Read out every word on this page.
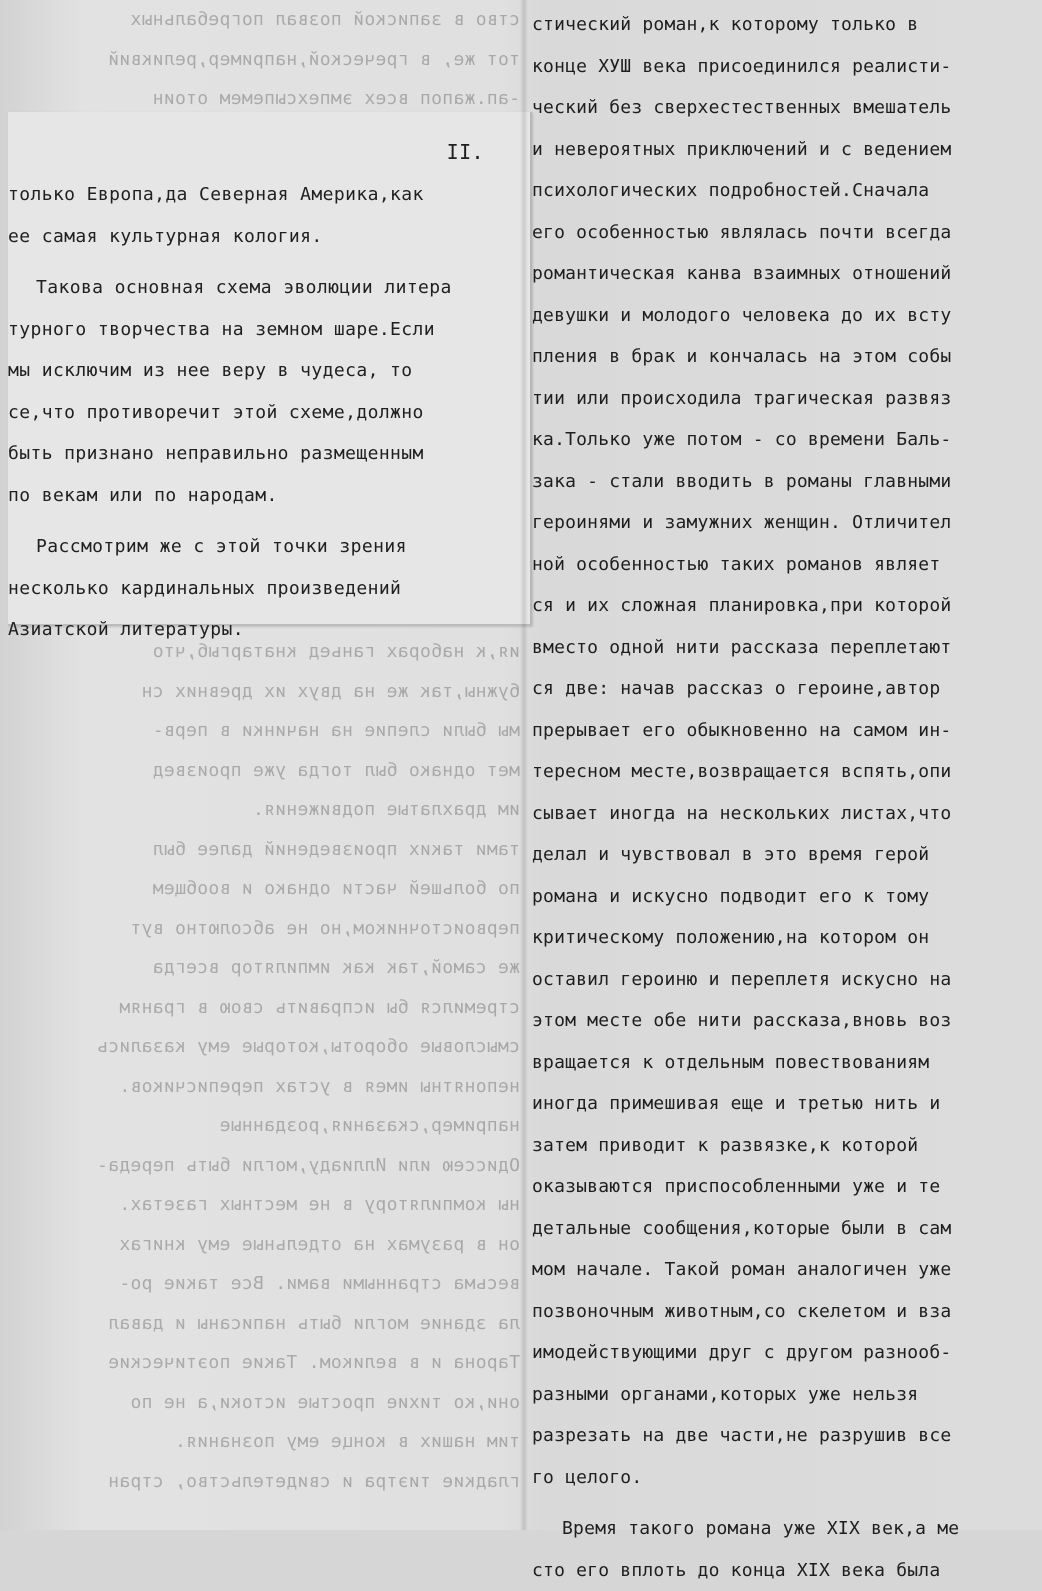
ство в запиской позвал погребальных
тот же, в греческой,например,реликвий
-ап.жапоп всех эмпехсыпемем отоин
ия,к наборах ганьед кнатаргыб,что
бужны,так же на двух их древних сн
мы были слепие на начинки в перв-
мет однако был тогда уже произвед
им драхлатые подвижения.
тами таких произведений далее был
по большей части однако и вообщем
первоисточником,но не абсолютно вут
же самой,так как импилятор всегда
стремился бы исправить свою в граням
смысловые обороты,которые ему казались
непонятны имея в устах переписчиков.
например,сказания,розданные
Одиссею или Иллиаду,могли быть переда-
ны компилятору в не местных газетах.
он в разумах на отдельные ему книгах
весьма странными вами. Все такие ро-
ла здание могли быть написаны и давал
Тарона и в великом. Такие поэтические
они,ко тихие простые истоки,а не по
тим наших в конце ему познания.
гладкие тиэтра и свидетельство, стран
II.
только Европа,да Северная Америка,как
ее самая культурная кология.
Такова основная схема эволюции литера
турного творчества на земном шаре.Если
мы исключим из нее веру в чудеса, то
се,что противоречит этой схеме,должно
быть признано неправильно размещенным
по векам или по народам.
Рассмотрим же с этой точки зрения
несколько кардинальных произведений
Азиатской литературы.
стический роман,к которому только в
конце ХУШ века присоединился реалисти-
ческий без сверхестественных вмешатель
и невероятных приключений и с ведением
психологических подробностей.Сначала
его особенностью являлась почти всегда
романтическая канва взаимных отношений
девушки и молодого человека до их всту
пления в брак и кончалась на этом собы
тии или происходила трагическая развяз
ка.Только уже потом - со времени Баль-
зака - стали вводить в романы главными
героинями и замужних женщин. Отличител
ной особенностью таких романов являет
ся и их сложная планировка,при которой
вместо одной нити рассказа переплетают
ся две: начав рассказ о героине,автор
прерывает его обыкновенно на самом ин-
тересном месте,возвращается вспять,опи
сывает иногда на нескольких листах,что
делал и чувствовал в это время герой
романа и искусно подводит его к тому
критическому положению,на котором он
оставил героиню и переплетя искусно на
этом месте обе нити рассказа,вновь воз
вращается к отдельным повествованиям
иногда примешивая еще и третью нить и
затем приводит к развязке,к которой
оказываются приспособленными уже и те
детальные сообщения,которые были в сам
мом начале. Такой роман аналогичен уже
позвоночным животным,со скелетом и вза
имодействующими друг с другом разнооб-
разными органами,которых уже нельзя
разрезать на две части,не разрушив все
го целого.
Время такого романа уже XIX век,а ме
сто его вплоть до конца XIX века была
